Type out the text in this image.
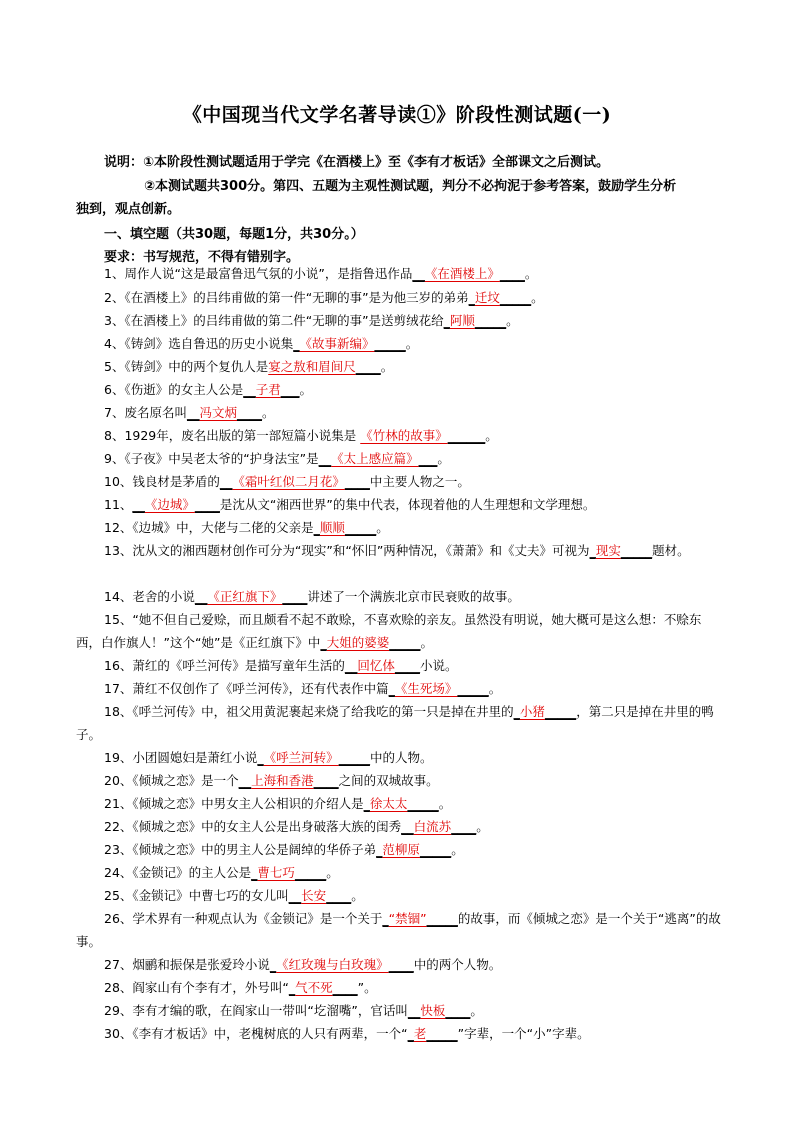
《中国现当代文学名著导读①》阶段性测试题(一)
说明：①本阶段性测试题适用于学完《在酒楼上》至《李有才板话》全部课文之后测试。
②本测试题共300分。第四、五题为主观性测试题，判分不必拘泥于参考答案，鼓励学生分析
独到，观点创新。
一、填空题（共30题，每题1分，共30分。）
要求：书写规范，不得有错别字。
1、周作人说“这是最富鲁迅气氛的小说”，是指鲁迅作品__《在酒楼上》____。
2、《在酒楼上》的吕纬甫做的第一件“无聊的事”是为他三岁的弟弟_迁坟_____。
3、《在酒楼上》的吕纬甫做的第二件“无聊的事”是送剪绒花给_阿顺_____。
4、《铸剑》选自鲁迅的历史小说集_《故事新编》_____。
5、《铸剑》中的两个复仇人是宴之敖和眉间尺____。
6、《伤逝》的女主人公是__子君___。
7、废名原名叫__冯文炳____。
8、1929年，废名出版的第一部短篇小说集是 《竹林的故事》______。
9、《子夜》中吴老太爷的“护身法宝”是__《太上感应篇》___。
10、钱良材是茅盾的__《霜叶红似二月花》____中主要人物之一。
11、__《边城》____是沈从文“湘西世界”的集中代表，体现着他的人生理想和文学理想。
12、《边城》中，大佬与二佬的父亲是_顺顺_____。
13、沈从文的湘西题材创作可分为“现实”和“怀旧”两种情况，《萧萧》和《丈夫》可视为_现实_____题材。
14、老舍的小说__《正红旗下》____讲述了一个满族北京市民衰败的故事。
15、“她不但自己爱赊，而且颇看不起不敢赊，不喜欢赊的亲友。虽然没有明说，她大概可是这么想：不赊东西，白作旗人！”这个“她”是《正红旗下》中_大姐的婆婆_____。
16、萧红的《呼兰河传》是描写童年生活的__回忆体____小说。
17、萧红不仅创作了《呼兰河传》，还有代表作中篇_《生死场》_____。
18、《呼兰河传》中，祖父用黄泥裹起来烧了给我吃的第一只是掉在井里的_小猪_____，第二只是掉在井里的鸭子。
19、小团圆媳妇是萧红小说_《呼兰河转》_____中的人物。
20、《倾城之恋》是一个__上海和香港____之间的双城故事。
21、《倾城之恋》中男女主人公相识的介绍人是_徐太太_____。
22、《倾城之恋》中的女主人公是出身破落大族的闺秀__白流苏____。
23、《倾城之恋》中的男主人公是阔绰的华侨子弟_范柳原_____。
24、《金锁记》的主人公是_曹七巧_____。
25、《金锁记》中曹七巧的女儿叫__长安____。
26、学术界有一种观点认为《金锁记》是一个关于_“禁锢”_____的故事，而《倾城之恋》是一个关于“逃离”的故事。
27、烟鹂和振保是张爱玲小说_《红玫瑰与白玫瑰》____中的两个人物。
28、阎家山有个李有才，外号叫“_气不死____”。
29、李有才编的歌，在阎家山一带叫“圪溜嘴”，官话叫__快板____。
30、《李有才板话》中，老槐树底的人只有两辈，一个“_老_____”字辈，一个“小”字辈。
